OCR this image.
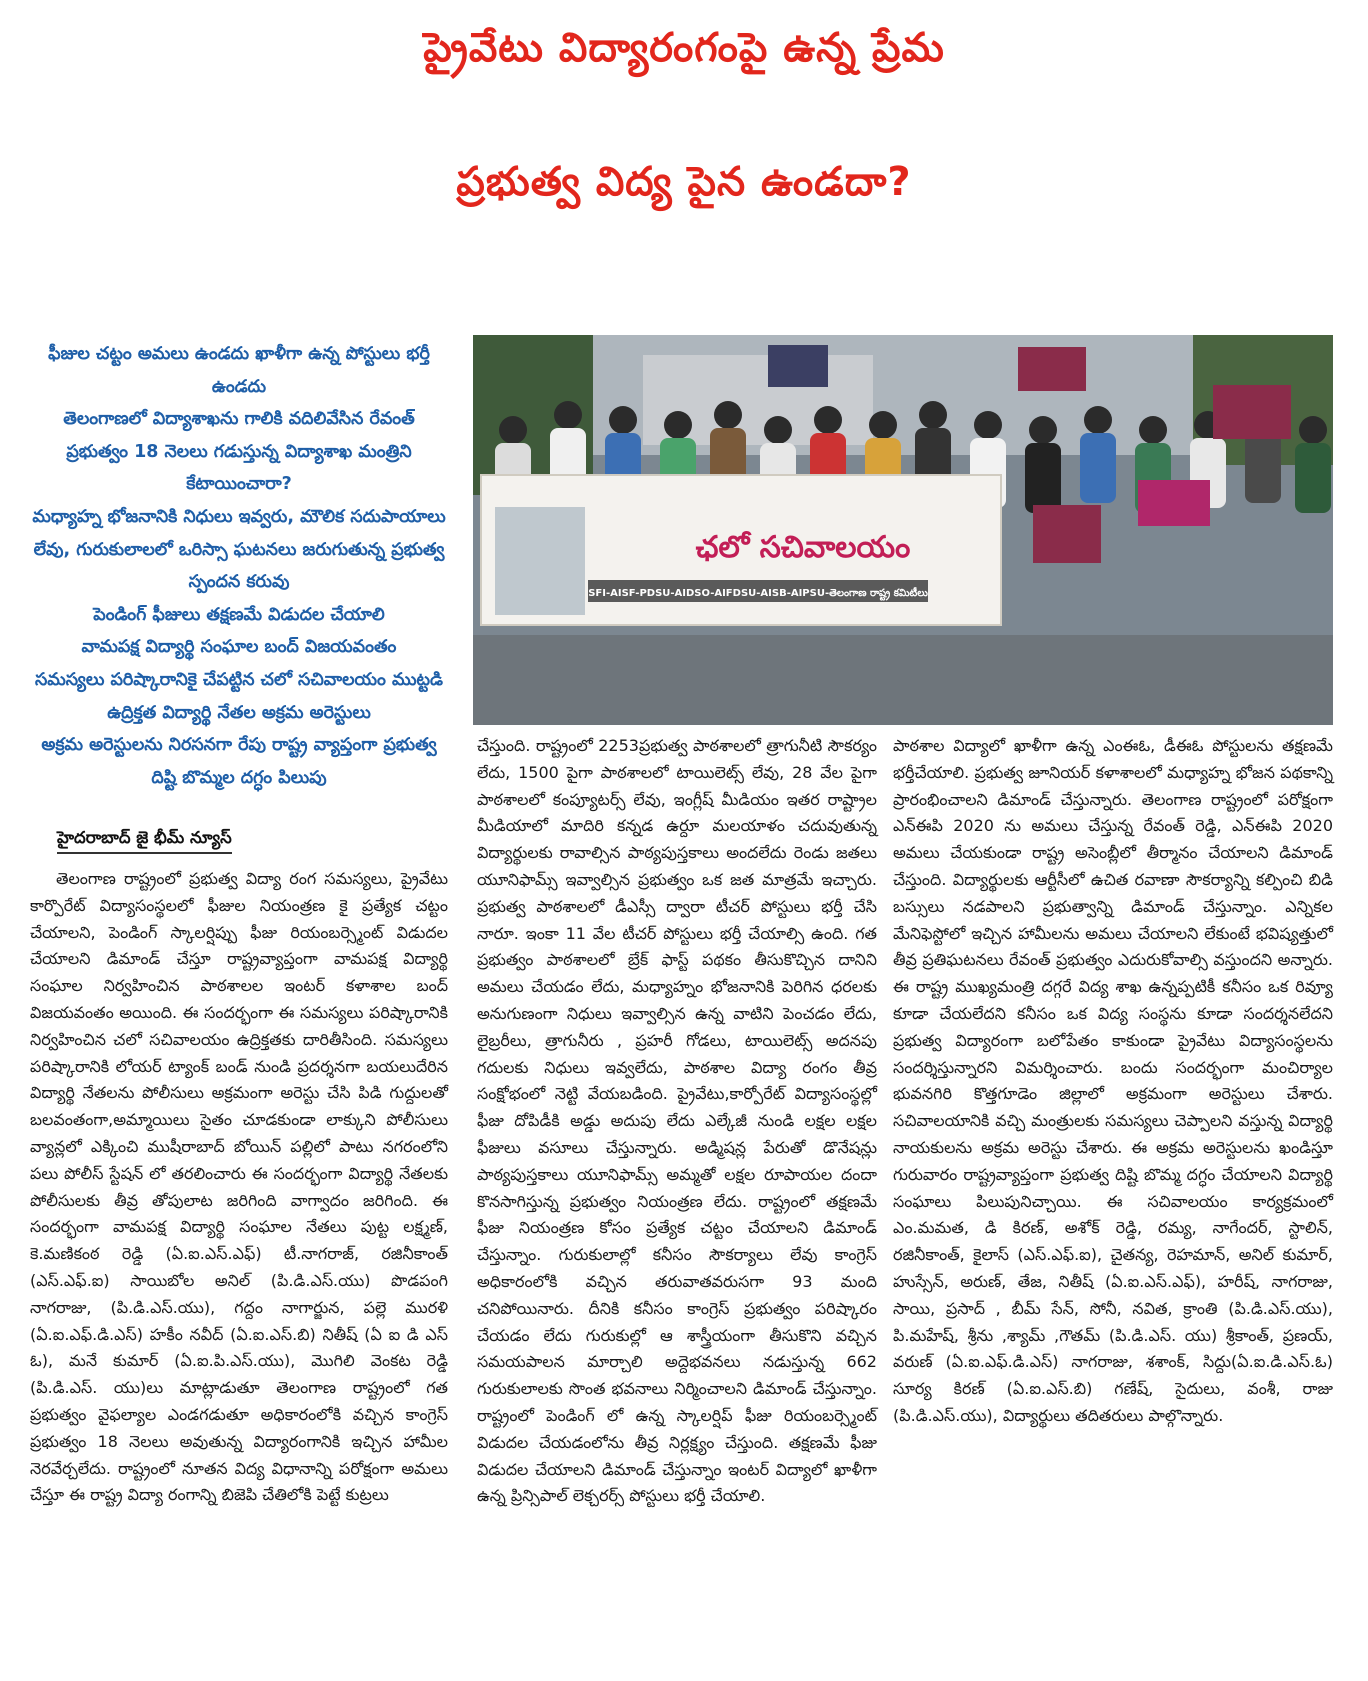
ప్రైవేటు విద్యారంగంపై ఉన్న ప్రేమ
ప్రభుత్వ విద్య పైన ఉండదా?

ఫీజుల చట్టం అమలు ఉండదు ఖాళీగా ఉన్న పోస్టులు భర్తీ ఉండదు

తెలంగాణలో విద్యాశాఖను గాలికి వదిలివేసిన రేవంత్ ప్రభుత్వం 18 నెలలు గడుస్తున్న విద్యాశాఖ మంత్రిని కేటాయించారా?

మధ్యాహ్న భోజనానికి నిధులు ఇవ్వరు, మౌలిక సదుపాయాలు లేవు, గురుకులాలలో ఒరిస్సా ఘటనలు జరుగుతున్న ప్రభుత్వ స్పందన కరువు

పెండింగ్ ఫీజులు తక్షణమే విడుదల చేయాలి

వామపక్ష విద్యార్థి సంఘాల బంద్ విజయవంతం

సమస్యలు పరిష్కారానికై చేపట్టిన చలో సచివాలయం ముట్టడి

ఉద్రిక్తత విద్యార్థి నేతల అక్రమ అరెస్టులు

అక్రమ అరెస్టులను నిరసనగా రేపు రాష్ట్ర వ్యాప్తంగా ప్రభుత్వ దిష్టి బొమ్మల దగ్ధం పిలుపు

ఛలో సచివాలయం
SFI-AISF-PDSU-AIDSO-AIFDSU-AISB-AIPSU-తెలంగాణ రాష్ట్ర కమిటీలు

హైదరాబాద్ జై భీమ్ న్యూస్

తెలంగాణ రాష్ట్రంలో ప్రభుత్వ విద్యా రంగ సమస్యలు, ప్రైవేటు కార్పొరేట్ విద్యాసంస్థలలో ఫీజుల నియంత్రణ కై ప్రత్యేక చట్టం చేయాలని, పెండింగ్ స్కాలర్షిప్పు ఫీజు రియంబర్స్మెంట్ విడుదల చేయాలని డిమాండ్ చేస్తూ రాష్ట్రవ్యాప్తంగా వామపక్ష విద్యార్థి సంఘాల నిర్వహించిన పాఠశాలల ఇంటర్ కళాశాల బంద్ విజయవంతం అయింది. ఈ సందర్భంగా ఈ సమస్యలు పరిష్కారానికి నిర్వహించిన చలో సచివాలయం ఉద్రిక్తతకు దారితీసింది. సమస్యలు పరిష్కారానికి లోయర్ ట్యాంక్ బండ్ నుండి ప్రదర్శనగా బయలుదేరిన విద్యార్థి నేతలను పోలీసులు అక్రమంగా అరెస్టు చేసి పిడి గుద్దులతో బలవంతంగా,అమ్మాయిలు సైతం చూడకుండా లాక్కుని పోలీసులు వ్యాన్లలో ఎక్కించి ముషీరాబాద్ బోయిన్ పల్లిలో పాటు నగరంలోని పలు పోలీస్ స్టేషన్ లో తరలించారు ఈ సందర్భంగా విద్యార్థి నేతలకు పోలీసులకు తీవ్ర తోపులాట జరిగింది వాగ్వాదం జరిగింది. ఈ సందర్భంగా వామపక్ష విద్యార్థి సంఘాల నేతలు పుట్ట లక్ష్మణ్, కె.మణికంఠ రెడ్డి (ఏ.ఐ.ఎస్.ఎఫ్) టీ.నాగరాజ్, రజినీకాంత్ (ఎస్.ఎఫ్.ఐ) సాయిబోల అనిల్ (పి.డి.ఎస్.యు) పొడపంగి నాగరాజు, (పి.డి.ఎస్.యు), గద్దం నాగార్జున, పల్లె మురళి (ఏ.ఐ.ఎఫ్.డి.ఎస్) హకీం నవీద్ (ఏ.ఐ.ఎస్.బి) నితీష్ (ఏ ఐ డి ఎస్ ఓ), మనే కుమార్ (ఏ.ఐ.పి.ఎస్.యు), మొగిలి వెంకట రెడ్డి (పి.డి.ఎస్. యు)లు మాట్లాడుతూ తెలంగాణ రాష్ట్రంలో గత ప్రభుత్వం వైఫల్యాల ఎండగడుతూ అధికారంలోకి వచ్చిన కాంగ్రెస్ ప్రభుత్వం 18 నెలలు అవుతున్న విద్యారంగానికి ఇచ్చిన హామీల నెరవేర్చలేదు. రాష్ట్రంలో నూతన విద్య విధానాన్ని పరోక్షంగా అమలు చేస్తూ ఈ రాష్ట్ర విద్యా రంగాన్ని బిజెపి చేతిలోకి పెట్టే కుట్రలు

చేస్తుంది. రాష్ట్రంలో 2253ప్రభుత్వ పాఠశాలలో త్రాగునీటి సౌకర్యం లేదు, 1500 పైగా పాఠశాలలో టాయిలెట్స్ లేవు, 28 వేల పైగా పాఠశాలలో కంప్యూటర్స్ లేవు, ఇంగ్లీష్ మీడియం ఇతర రాష్ట్రాల మీడియాలో మాదిరి కన్నడ ఉర్దూ మలయాళం చదువుతున్న విద్యార్థులకు రావాల్సిన పాఠ్యపుస్తకాలు అందలేదు రెండు జతలు యూనిఫామ్స్ ఇవ్వాల్సిన ప్రభుత్వం ఒక జత మాత్రమే ఇచ్చారు. ప్రభుత్వ పాఠశాలలో డీఎస్సీ ద్వారా టీచర్ పోస్టులు భర్తీ చేసి నారూ. ఇంకా 11 వేల టీచర్ పోస్టులు భర్తీ చేయాల్సి ఉంది. గత ప్రభుత్వం పాఠశాలలో బ్రేక్ ఫాస్ట్ పథకం తీసుకొచ్చిన దానిని అమలు చేయడం లేదు, మధ్యాహ్నం భోజనానికి పెరిగిన ధరలకు అనుగుణంగా నిధులు ఇవ్వాల్సిన ఉన్న వాటిని పెంచడం లేదు, లైబ్రరీలు, త్రాగునీరు , ప్రహరీ గోడలు, టాయిలెట్స్ అదనపు గదులకు నిధులు ఇవ్వలేదు, పాఠశాల విద్యా రంగం తీవ్ర సంక్షోభంలో నెట్టి వేయబడింది. ప్రైవేటు,కార్పోరేట్ విద్యాసంస్థల్లో ఫీజు దోపిడీకి అడ్డు అదుపు లేదు ఎల్కేజీ నుండి లక్షల లక్షల ఫీజులు వసూలు చేస్తున్నారు. అడ్మిషన్ల పేరుతో డొనేషన్లు పాఠ్యపుస్తకాలు యూనిఫామ్స్ అమ్మతో లక్షల రూపాయల దందా కొనసాగిస్తున్న ప్రభుత్వం నియంత్రణ లేదు. రాష్ట్రంలో తక్షణమే ఫీజు నియంత్రణ కోసం ప్రత్యేక చట్టం చేయాలని డిమాండ్ చేస్తున్నాం. గురుకులాల్లో కనీసం సౌకర్యాలు లేవు కాంగ్రెస్ అధికారంలోకి వచ్చిన తరువాతవరుసగా 93 మంది చనిపోయినారు. దీనికి కనీసం కాంగ్రెస్ ప్రభుత్వం పరిష్కారం చేయడం లేదు గురుకుల్లో ఆ శాస్త్రీయంగా తీసుకొని వచ్చిన సమయపాలన మార్చాలి అద్దెభవనలు నడుస్తున్న 662 గురుకులాలకు సొంత భవనాలు నిర్మించాలని డిమాండ్ చేస్తున్నాం. రాష్ట్రంలో పెండింగ్ లో ఉన్న స్కాలర్షిప్ ఫీజు రియంబర్స్మెంట్ విడుదల చేయడంలోను తీవ్ర నిర్లక్ష్యం చేస్తుంది. తక్షణమే ఫీజు విడుదల చేయాలని డిమాండ్ చేస్తున్నాం ఇంటర్ విద్యాలో ఖాళీగా ఉన్న ప్రిన్సిపాల్ లెక్చరర్స్ పోస్టులు భర్తీ చేయాలి.

పాఠశాల విద్యాలో ఖాళీగా ఉన్న ఎంఈఓ, డీఈఓ పోస్టులను తక్షణమే భర్తీచేయాలి. ప్రభుత్వ జూనియర్ కళాశాలలో మధ్యాహ్న భోజన పథకాన్ని ప్రారంభించాలని డిమాండ్ చేస్తున్నారు. తెలంగాణ రాష్ట్రంలో పరోక్షంగా ఎన్ఈపి 2020 ను అమలు చేస్తున్న రేవంత్ రెడ్డి, ఎన్ఈపి 2020 అమలు చేయకుండా రాష్ట్ర అసెంబ్లీలో తీర్మానం చేయాలని డిమాండ్ చేస్తుంది. విద్యార్థులకు ఆర్టీసీలో ఉచిత రవాణా సౌకర్యాన్ని కల్పించి బిడి బస్సులు నడపాలని ప్రభుత్వాన్ని డిమాండ్ చేస్తున్నాం. ఎన్నికల మేనిఫెస్టోలో ఇచ్చిన హామీలను అమలు చేయాలని లేకుంటే భవిష్యత్తులో తీవ్ర ప్రతిఘటనలు రేవంత్ ప్రభుత్వం ఎదురుకోవాల్సి వస్తుందని అన్నారు. ఈ రాష్ట్ర ముఖ్యమంత్రి దగ్గరే విద్య శాఖ ఉన్నప్పటికీ కనీసం ఒక రివ్యూ కూడా చేయలేదని కనీసం ఒక విద్య సంస్థను కూడా సందర్శనలేదని ప్రభుత్వ విద్యారంగా బలోపేతం కాకుండా ప్రైవేటు విద్యాసంస్థలను సందర్శిస్తున్నారని విమర్శించారు. బందు సందర్భంగా మంచిర్యాల భువనగిరి కొత్తగూడెం జిల్లాలో అక్రమంగా అరెస్టులు చేశారు. సచివాలయానికి వచ్చి మంత్రులకు సమస్యలు చెప్పాలని వస్తున్న విద్యార్థి నాయకులను అక్రమ అరెస్టు చేశారు. ఈ అక్రమ అరెస్టులను ఖండిస్తూ గురువారం రాష్ట్రవ్యాప్తంగా ప్రభుత్వ దిష్టి బొమ్మ దగ్ధం చేయాలని విద్యార్థి సంఘాలు పిలుపునిచ్చాయి. ఈ సచివాలయం కార్యక్రమంలో ఎం.మమత, డి కిరణ్, అశోక్ రెడ్డి, రమ్య, నాగేందర్, స్టాలిన్, రజినీకాంత్, కైలాస్ (ఎస్.ఎఫ్.ఐ), చైతన్య, రెహమాన్, అనిల్ కుమార్, హుస్సేన్, అరుణ్, తేజ, నితీష్ (ఏ.ఐ.ఎస్.ఎఫ్), హరీష్, నాగరాజు, సాయి, ప్రసాద్ , బీమ్ సేన్, సోనీ, నవిత, క్రాంతి (పి.డి.ఎస్.యు), పి.మహేష్, శ్రీను ,శ్యామ్ ,గౌతమ్ (పి.డి.ఎస్. యు) శ్రీకాంత్, ప్రణయ్, వరుణ్ (ఏ.ఐ.ఎఫ్.డి.ఎస్) నాగరాజు, శశాంక్, సిద్దు(ఏ.ఐ.డి.ఎస్.ఓ) సూర్య కిరణ్ (ఏ.ఐ.ఎస్.బి) గణేష్, సైదులు, వంశీ, రాజు (పి.డి.ఎస్.యు), విద్యార్థులు తదితరులు పాల్గొన్నారు.
